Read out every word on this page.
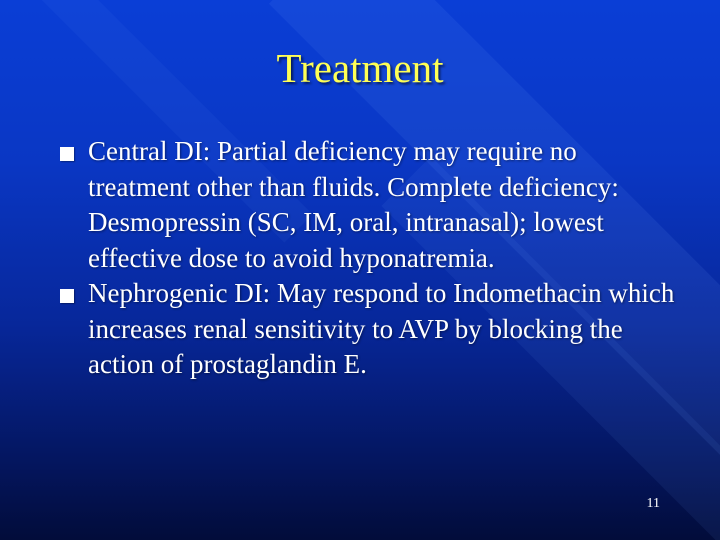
Treatment
Central DI: Partial deficiency may require no treatment other than fluids. Complete deficiency: Desmopressin (SC, IM, oral, intranasal); lowest effective dose to avoid hyponatremia.
Nephrogenic DI: May respond to Indomethacin which increases renal sensitivity to AVP by blocking the action of prostaglandin E.
11
